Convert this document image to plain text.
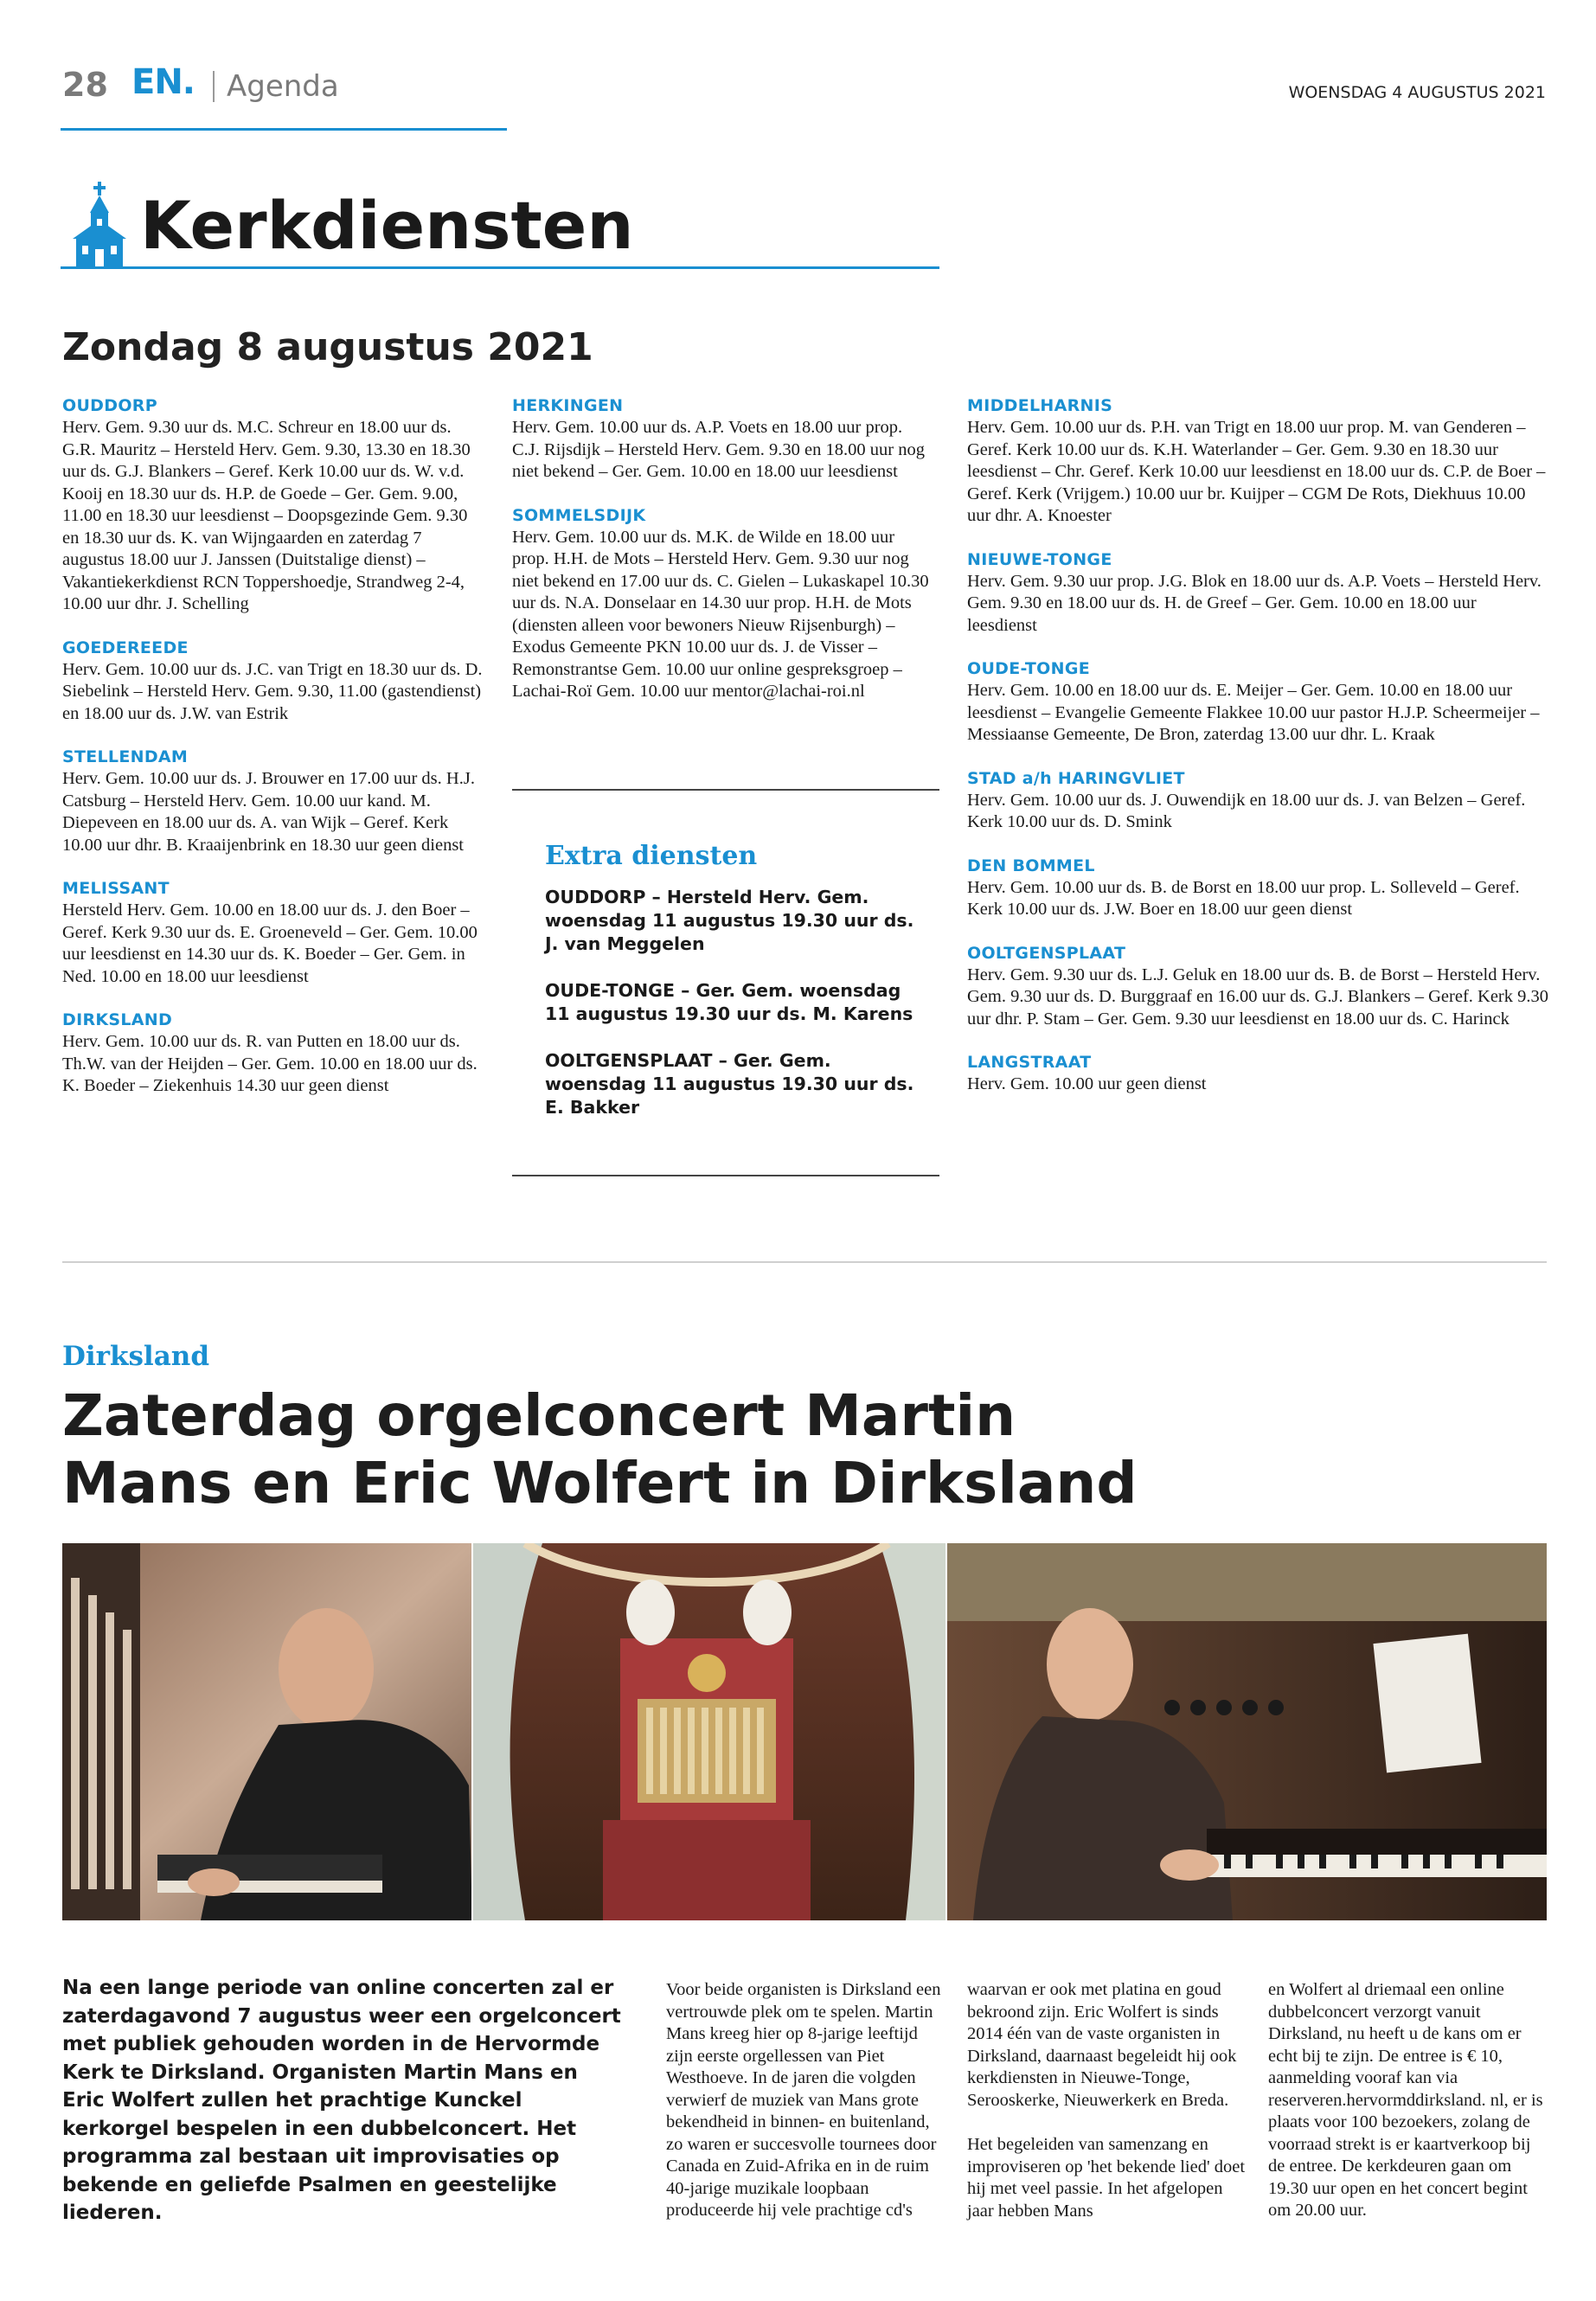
28 EN. Agenda	WOENSDAG 4 AUGUSTUS 2021
Kerkdiensten
Zondag 8 augustus 2021
OUDDORP
Herv. Gem. 9.30 uur ds. M.C. Schreur en 18.00 uur ds. G.R. Mauritz – Hersteld Herv. Gem. 9.30, 13.30 en 18.30 uur ds. G.J. Blankers – Geref. Kerk 10.00 uur ds. W. v.d. Kooij en 18.30 uur ds. H.P. de Goede – Ger. Gem. 9.00, 11.00 en 18.30 uur leesdienst – Doopsgezinde Gem. 9.30 en 18.30 uur ds. K. van Wijngaarden en zaterdag 7 augustus 18.00 uur J. Janssen (Duitstalige dienst) – Vakantiekerkdienst RCN Toppershoedje, Strandweg 2-4, 10.00 uur dhr. J. Schelling
GOEDEREEDE
Herv. Gem. 10.00 uur ds. J.C. van Trigt en 18.30 uur ds. D. Siebelink – Hersteld Herv. Gem. 9.30, 11.00 (gastendienst) en 18.00 uur ds. J.W. van Estrik
STELLENDAM
Herv. Gem. 10.00 uur ds. J. Brouwer en 17.00 uur ds. H.J. Catsburg – Hersteld Herv. Gem. 10.00 uur kand. M. Diepeveen en 18.00 uur ds. A. van Wijk – Geref. Kerk 10.00 uur dhr. B. Kraaijenbrink en 18.30 uur geen dienst
MELISSANT
Hersteld Herv. Gem. 10.00 en 18.00 uur ds. J. den Boer – Geref. Kerk 9.30 uur ds. E. Groeneveld – Ger. Gem. 10.00 uur leesdienst en 14.30 uur ds. K. Boeder – Ger. Gem. in Ned. 10.00 en 18.00 uur leesdienst
DIRKSLAND
Herv. Gem. 10.00 uur ds. R. van Putten en 18.00 uur ds. Th.W. van der Heijden – Ger. Gem. 10.00 en 18.00 uur ds. K. Boeder – Ziekenhuis 14.30 uur geen dienst
HERKINGEN
Herv. Gem. 10.00 uur ds. A.P. Voets en 18.00 uur prop. C.J. Rijsdijk – Hersteld Herv. Gem. 9.30 en 18.00 uur nog niet bekend – Ger. Gem. 10.00 en 18.00 uur leesdienst
SOMMELSDIJK
Herv. Gem. 10.00 uur ds. M.K. de Wilde en 18.00 uur prop. H.H. de Mots – Hersteld Herv. Gem. 9.30 uur nog niet bekend en 17.00 uur ds. C. Gielen – Lukaskapel 10.30 uur ds. N.A. Donselaar en 14.30 uur prop. H.H. de Mots (diensten alleen voor bewoners Nieuw Rijsenburgh) – Exodus Gemeente PKN 10.00 uur ds. J. de Visser – Remonstrantse Gem. 10.00 uur online gespreksgroep – Lachai-Roï Gem. 10.00 uur mentor@lachai-roi.nl
Extra diensten
OUDDORP – Hersteld Herv. Gem. woensdag 11 augustus 19.30 uur ds. J. van Meggelen
OUDE-TONGE – Ger. Gem. woensdag 11 augustus 19.30 uur ds. M. Karens
OOLTGENSPLAAT – Ger. Gem. woensdag 11 augustus 19.30 uur ds. E. Bakker
MIDDELHARNIS
Herv. Gem. 10.00 uur ds. P.H. van Trigt en 18.00 uur prop. M. van Genderen – Geref. Kerk 10.00 uur ds. K.H. Waterlander – Ger. Gem. 9.30 en 18.30 uur leesdienst – Chr. Geref. Kerk 10.00 uur leesdienst en 18.00 uur ds. C.P. de Boer – Geref. Kerk (Vrijgem.) 10.00 uur br. Kuijper – CGM De Rots, Diekhuus 10.00 uur dhr. A. Knoester
NIEUWE-TONGE
Herv. Gem. 9.30 uur prop. J.G. Blok en 18.00 uur ds. A.P. Voets – Hersteld Herv. Gem. 9.30 en 18.00 uur ds. H. de Greef – Ger. Gem. 10.00 en 18.00 uur leesdienst
OUDE-TONGE
Herv. Gem. 10.00 en 18.00 uur ds. E. Meijer – Ger. Gem. 10.00 en 18.00 uur leesdienst – Evangelie Gemeente Flakkee 10.00 uur pastor H.J.P. Scheermeijer – Messiaanse Gemeente, De Bron, zaterdag 13.00 uur dhr. L. Kraak
STAD a/h HARINGVLIET
Herv. Gem. 10.00 uur ds. J. Ouwendijk en 18.00 uur ds. J. van Belzen – Geref. Kerk 10.00 uur ds. D. Smink
DEN BOMMEL
Herv. Gem. 10.00 uur ds. B. de Borst en 18.00 uur prop. L. Solleveld – Geref. Kerk 10.00 uur ds. J.W. Boer en 18.00 uur geen dienst
OOLTGENSPLAAT
Herv. Gem. 9.30 uur ds. L.J. Geluk en 18.00 uur ds. B. de Borst – Hersteld Herv. Gem. 9.30 uur ds. D. Burggraaf en 16.00 uur ds. G.J. Blankers – Geref. Kerk 9.30 uur dhr. P. Stam – Ger. Gem. 9.30 uur leesdienst en 18.00 uur ds. C. Harinck
LANGSTRAAT
Herv. Gem. 10.00 uur geen dienst
Dirksland
Zaterdag orgelconcert Martin Mans en Eric Wolfert in Dirksland
Na een lange periode van online concerten zal er zaterdagavond 7 augustus weer een orgelconcert met publiek gehouden worden in de Hervormde Kerk te Dirksland. Organisten Martin Mans en Eric Wolfert zullen het prachtige Kunckel kerkorgel bespelen in een dubbelconcert. Het programma zal bestaan uit improvisaties op bekende en geliefde Psalmen en geestelijke liederen.

Voor beide organisten is Dirksland een vertrouwde plek om te spelen. Martin Mans kreeg hier op 8-jarige leeftijd zijn eerste orgellessen van Piet Westhoeve. In de jaren die volgden verwierf de muziek van Mans grote bekendheid in binnen- en buitenland, zo waren er succesvolle tournees door Canada en Zuid-Afrika en in de ruim 40-jarige muzikale loopbaan produceerde hij vele prachtige cd's

waarvan er ook met platina en goud bekroond zijn. Eric Wolfert is sinds 2014 één van de vaste organisten in Dirksland, daarnaast begeleidt hij ook kerkdiensten in Nieuwe-Tonge, Serooskerke, Nieuwerkerk en Breda.

Het begeleiden van samenzang en improviseren op 'het bekende lied' doet hij met veel passie. In het afgelopen jaar hebben Mans

en Wolfert al driemaal een online dubbelconcert verzorgt vanuit Dirksland, nu heeft u de kans om er echt bij te zijn. De entree is € 10, aanmelding vooraf kan via reserveren.hervormddirksland. nl, er is plaats voor 100 bezoekers, zolang de voorraad strekt is er kaartverkoop bij de entree. De kerkdeuren gaan om 19.30 uur open en het concert begint om 20.00 uur.
